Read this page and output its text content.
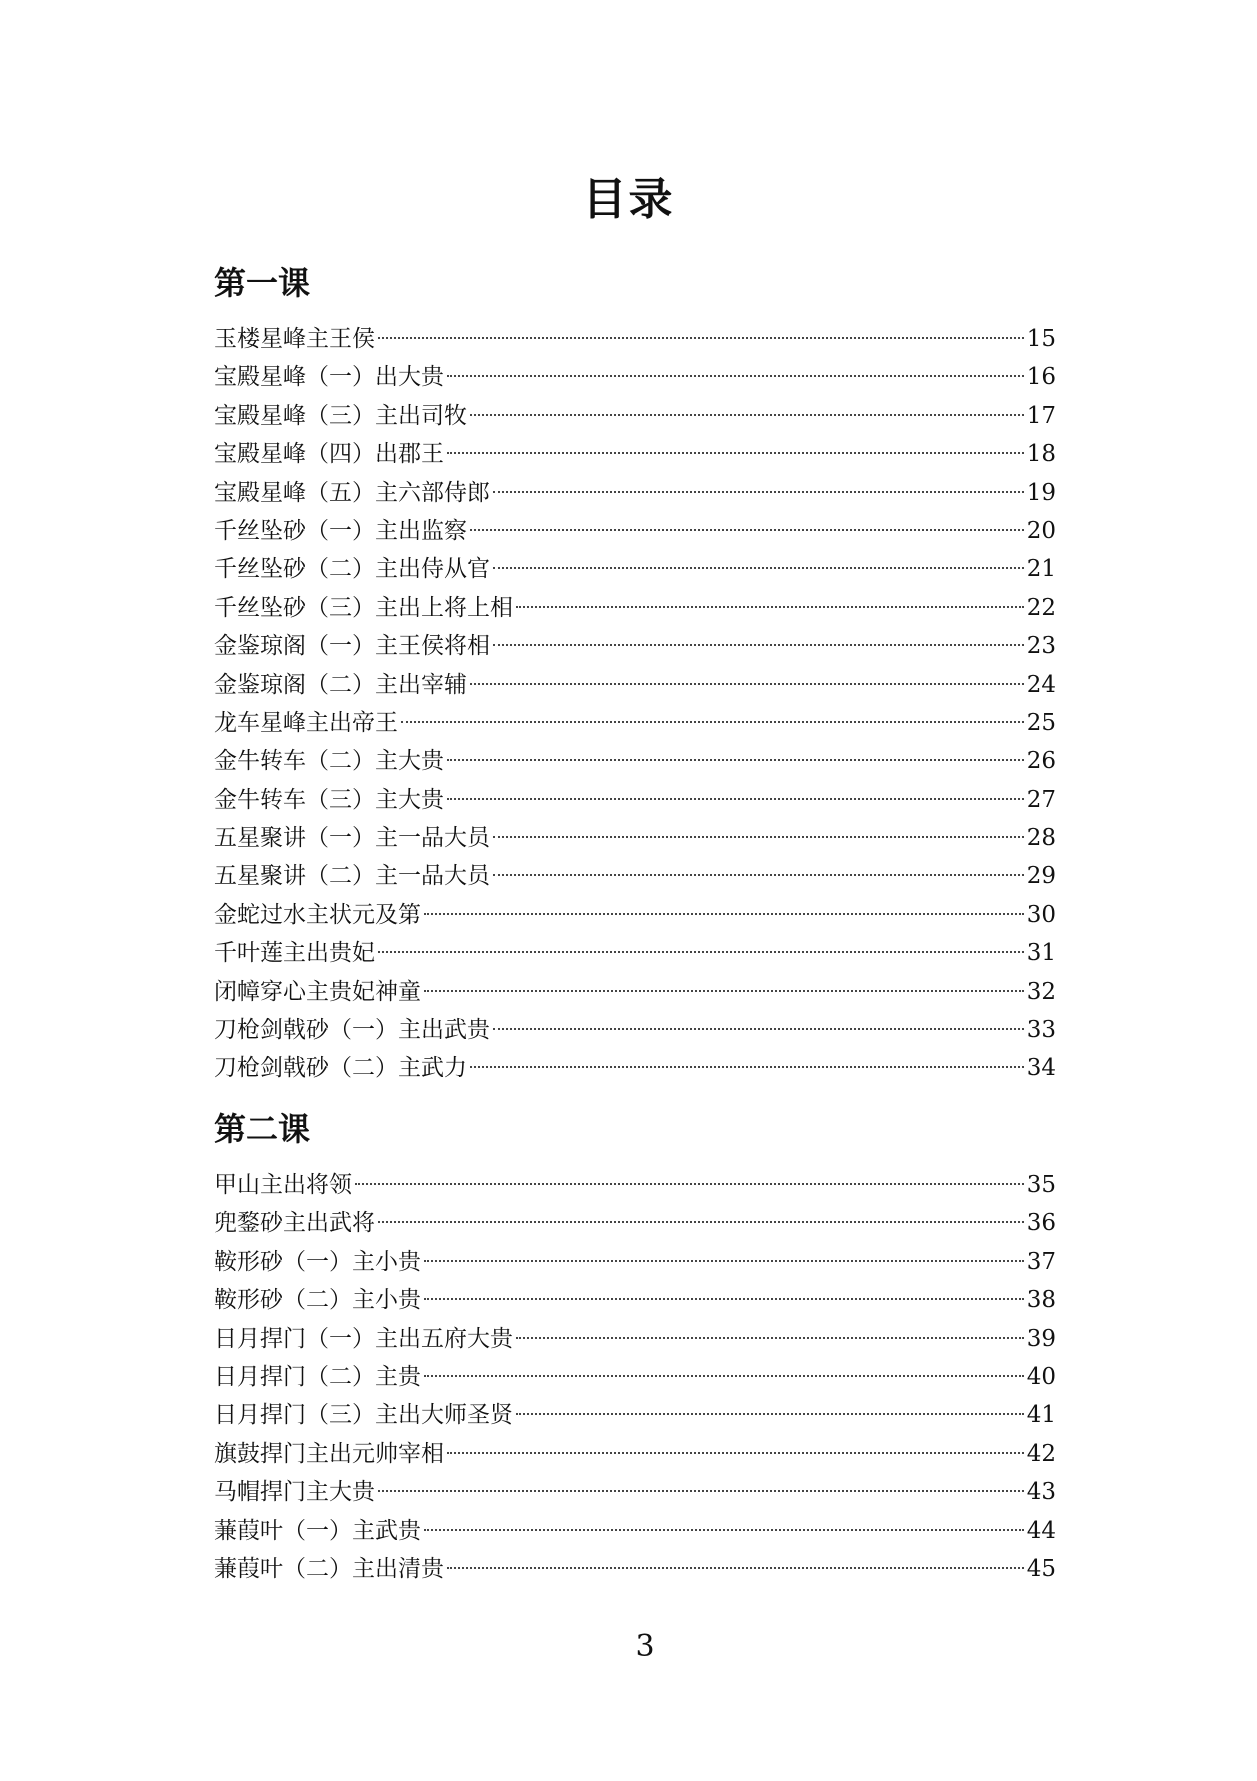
目录
第一课
玉楼星峰主王侯	15
宝殿星峰（一）出大贵	16
宝殿星峰（三）主出司牧	17
宝殿星峰（四）出郡王	18
宝殿星峰（五）主六部侍郎	19
千丝坠砂（一）主出监察	20
千丝坠砂（二）主出侍从官	21
千丝坠砂（三）主出上将上相	22
金鉴琼阁（一）主王侯将相	23
金鉴琼阁（二）主出宰辅	24
龙车星峰主出帝王	25
金牛转车（二）主大贵	26
金牛转车（三）主大贵	27
五星聚讲（一）主一品大员	28
五星聚讲（二）主一品大员	29
金蛇过水主状元及第	30
千叶莲主出贵妃	31
闭幛穿心主贵妃神童	32
刀枪剑戟砂（一）主出武贵	33
刀枪剑戟砂（二）主武力	34
第二课
甲山主出将领	35
兜鍪砂主出武将	36
鞍形砂（一）主小贵	37
鞍形砂（二）主小贵	38
日月捍门（一）主出五府大贵	39
日月捍门（二）主贵	40
日月捍门（三）主出大师圣贤	41
旗鼓捍门主出元帅宰相	42
马帽捍门主大贵	43
蒹葭叶（一）主武贵	44
蒹葭叶（二）主出清贵	45
3
